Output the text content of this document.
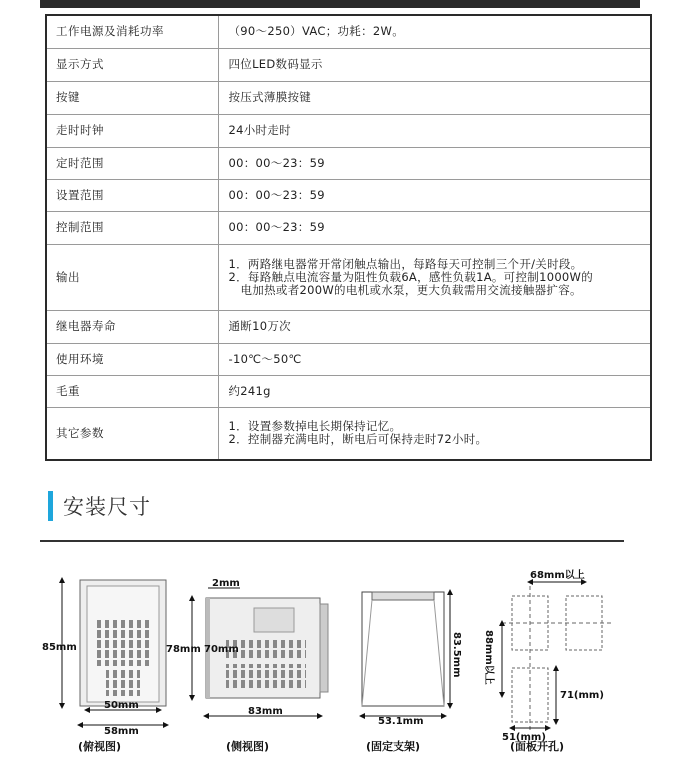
工作电源及消耗功率	（90～250）VAC；功耗：2W。

显示方式	四位LED数码显示

按键	按压式薄膜按键

走时时钟	24小时走时

定时范围	00：00～23：59

设置范围	00：00～23：59

控制范围	00：00～23：59

输出	1．两路继电器常开常闭触点输出，每路每天可控制三个开/关时段。
2．每路触点电流容量为阻性负载6A，感性负载1A。可控制1000W的
电加热或者200W的电机或水泵，更大负载需用交流接触器扩容。

继电器寿命	通断10万次

使用环境	-10℃～50℃

毛重	约241g

其它参数	1．设置参数掉电长期保持记忆。
2．控制器充满电时，断电后可保持走时72小时。
安装尺寸
85mm
50mm
58mm
2mm
78mm 70mm
83mm
83.5mm
53.1mm
68mm以上
88mm以上
71(mm)
51(mm)
(俯视图)	(侧视图)	(固定支架)	(面板开孔)
